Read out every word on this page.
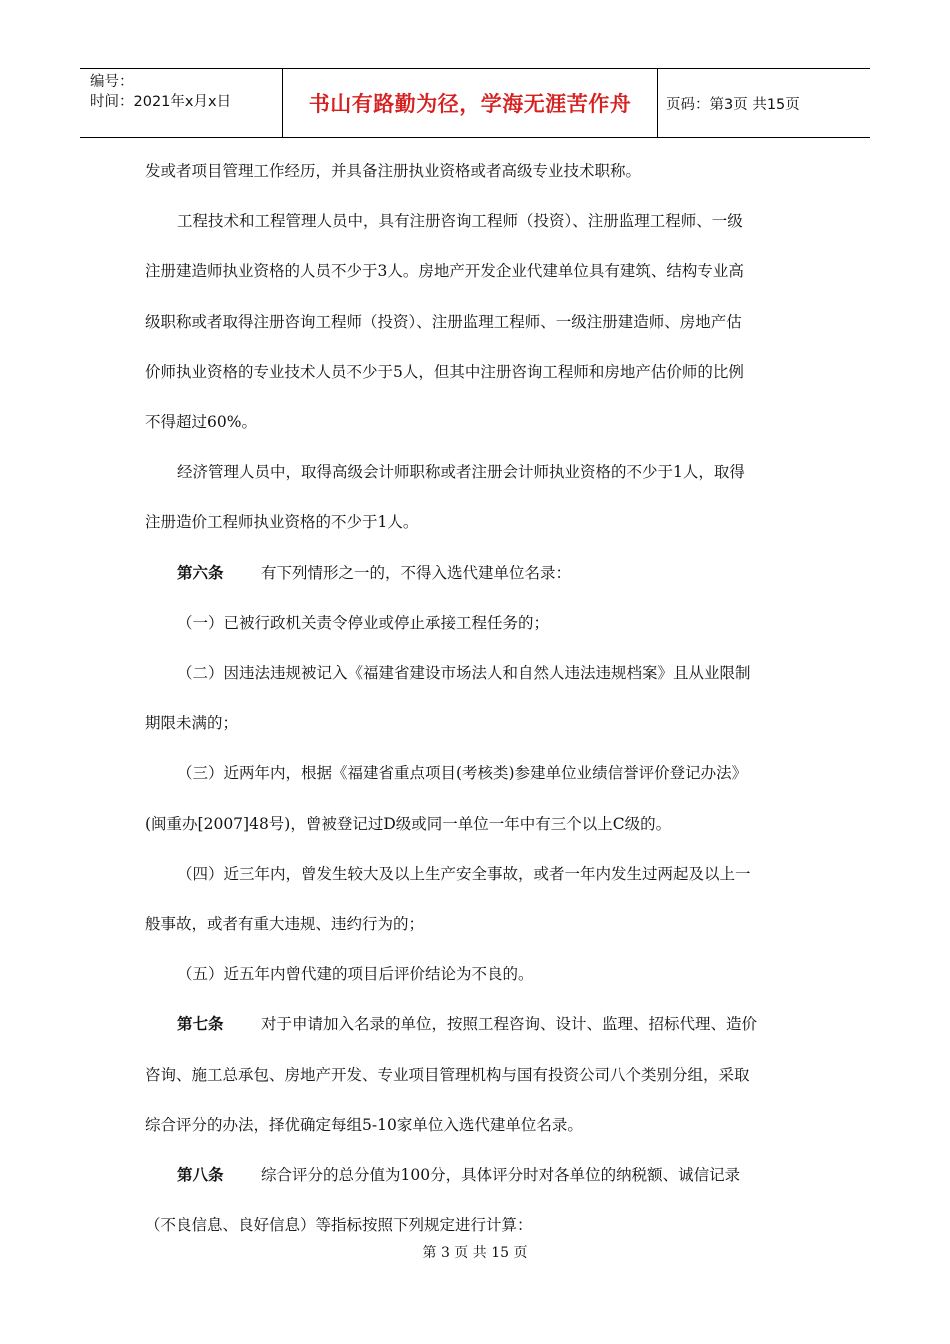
编号：
时间：2021年x月x日	书山有路勤为径，学海无涯苦作舟	页码：第3页 共15页

发或者项目管理工作经历，并具备注册执业资格或者高级专业技术职称。

工程技术和工程管理人员中，具有注册咨询工程师（投资）、注册监理工程师、一级

注册建造师执业资格的人员不少于3人。房地产开发企业代建单位具有建筑、结构专业高

级职称或者取得注册咨询工程师（投资）、注册监理工程师、一级注册建造师、房地产估

价师执业资格的专业技术人员不少于5人，但其中注册咨询工程师和房地产估价师的比例

不得超过60%。

经济管理人员中，取得高级会计师职称或者注册会计师执业资格的不少于1人，取得

注册造价工程师执业资格的不少于1人。

第六条 有下列情形之一的，不得入选代建单位名录：

（一）已被行政机关责令停业或停止承接工程任务的；

（二）因违法违规被记入《福建省建设市场法人和自然人违法违规档案》且从业限制

期限未满的；

（三）近两年内，根据《福建省重点项目(考核类)参建单位业绩信誉评价登记办法》

(闽重办[2007]48号)，曾被登记过D级或同一单位一年中有三个以上C级的。

（四）近三年内，曾发生较大及以上生产安全事故，或者一年内发生过两起及以上一

般事故，或者有重大违规、违约行为的；

（五）近五年内曾代建的项目后评价结论为不良的。

第七条 对于申请加入名录的单位，按照工程咨询、设计、监理、招标代理、造价

咨询、施工总承包、房地产开发、专业项目管理机构与国有投资公司八个类别分组，采取

综合评分的办法，择优确定每组5-10家单位入选代建单位名录。

第八条 综合评分的总分值为100分，具体评分时对各单位的纳税额、诚信记录

（不良信息、良好信息）等指标按照下列规定进行计算：

第 3 页 共 15 页
